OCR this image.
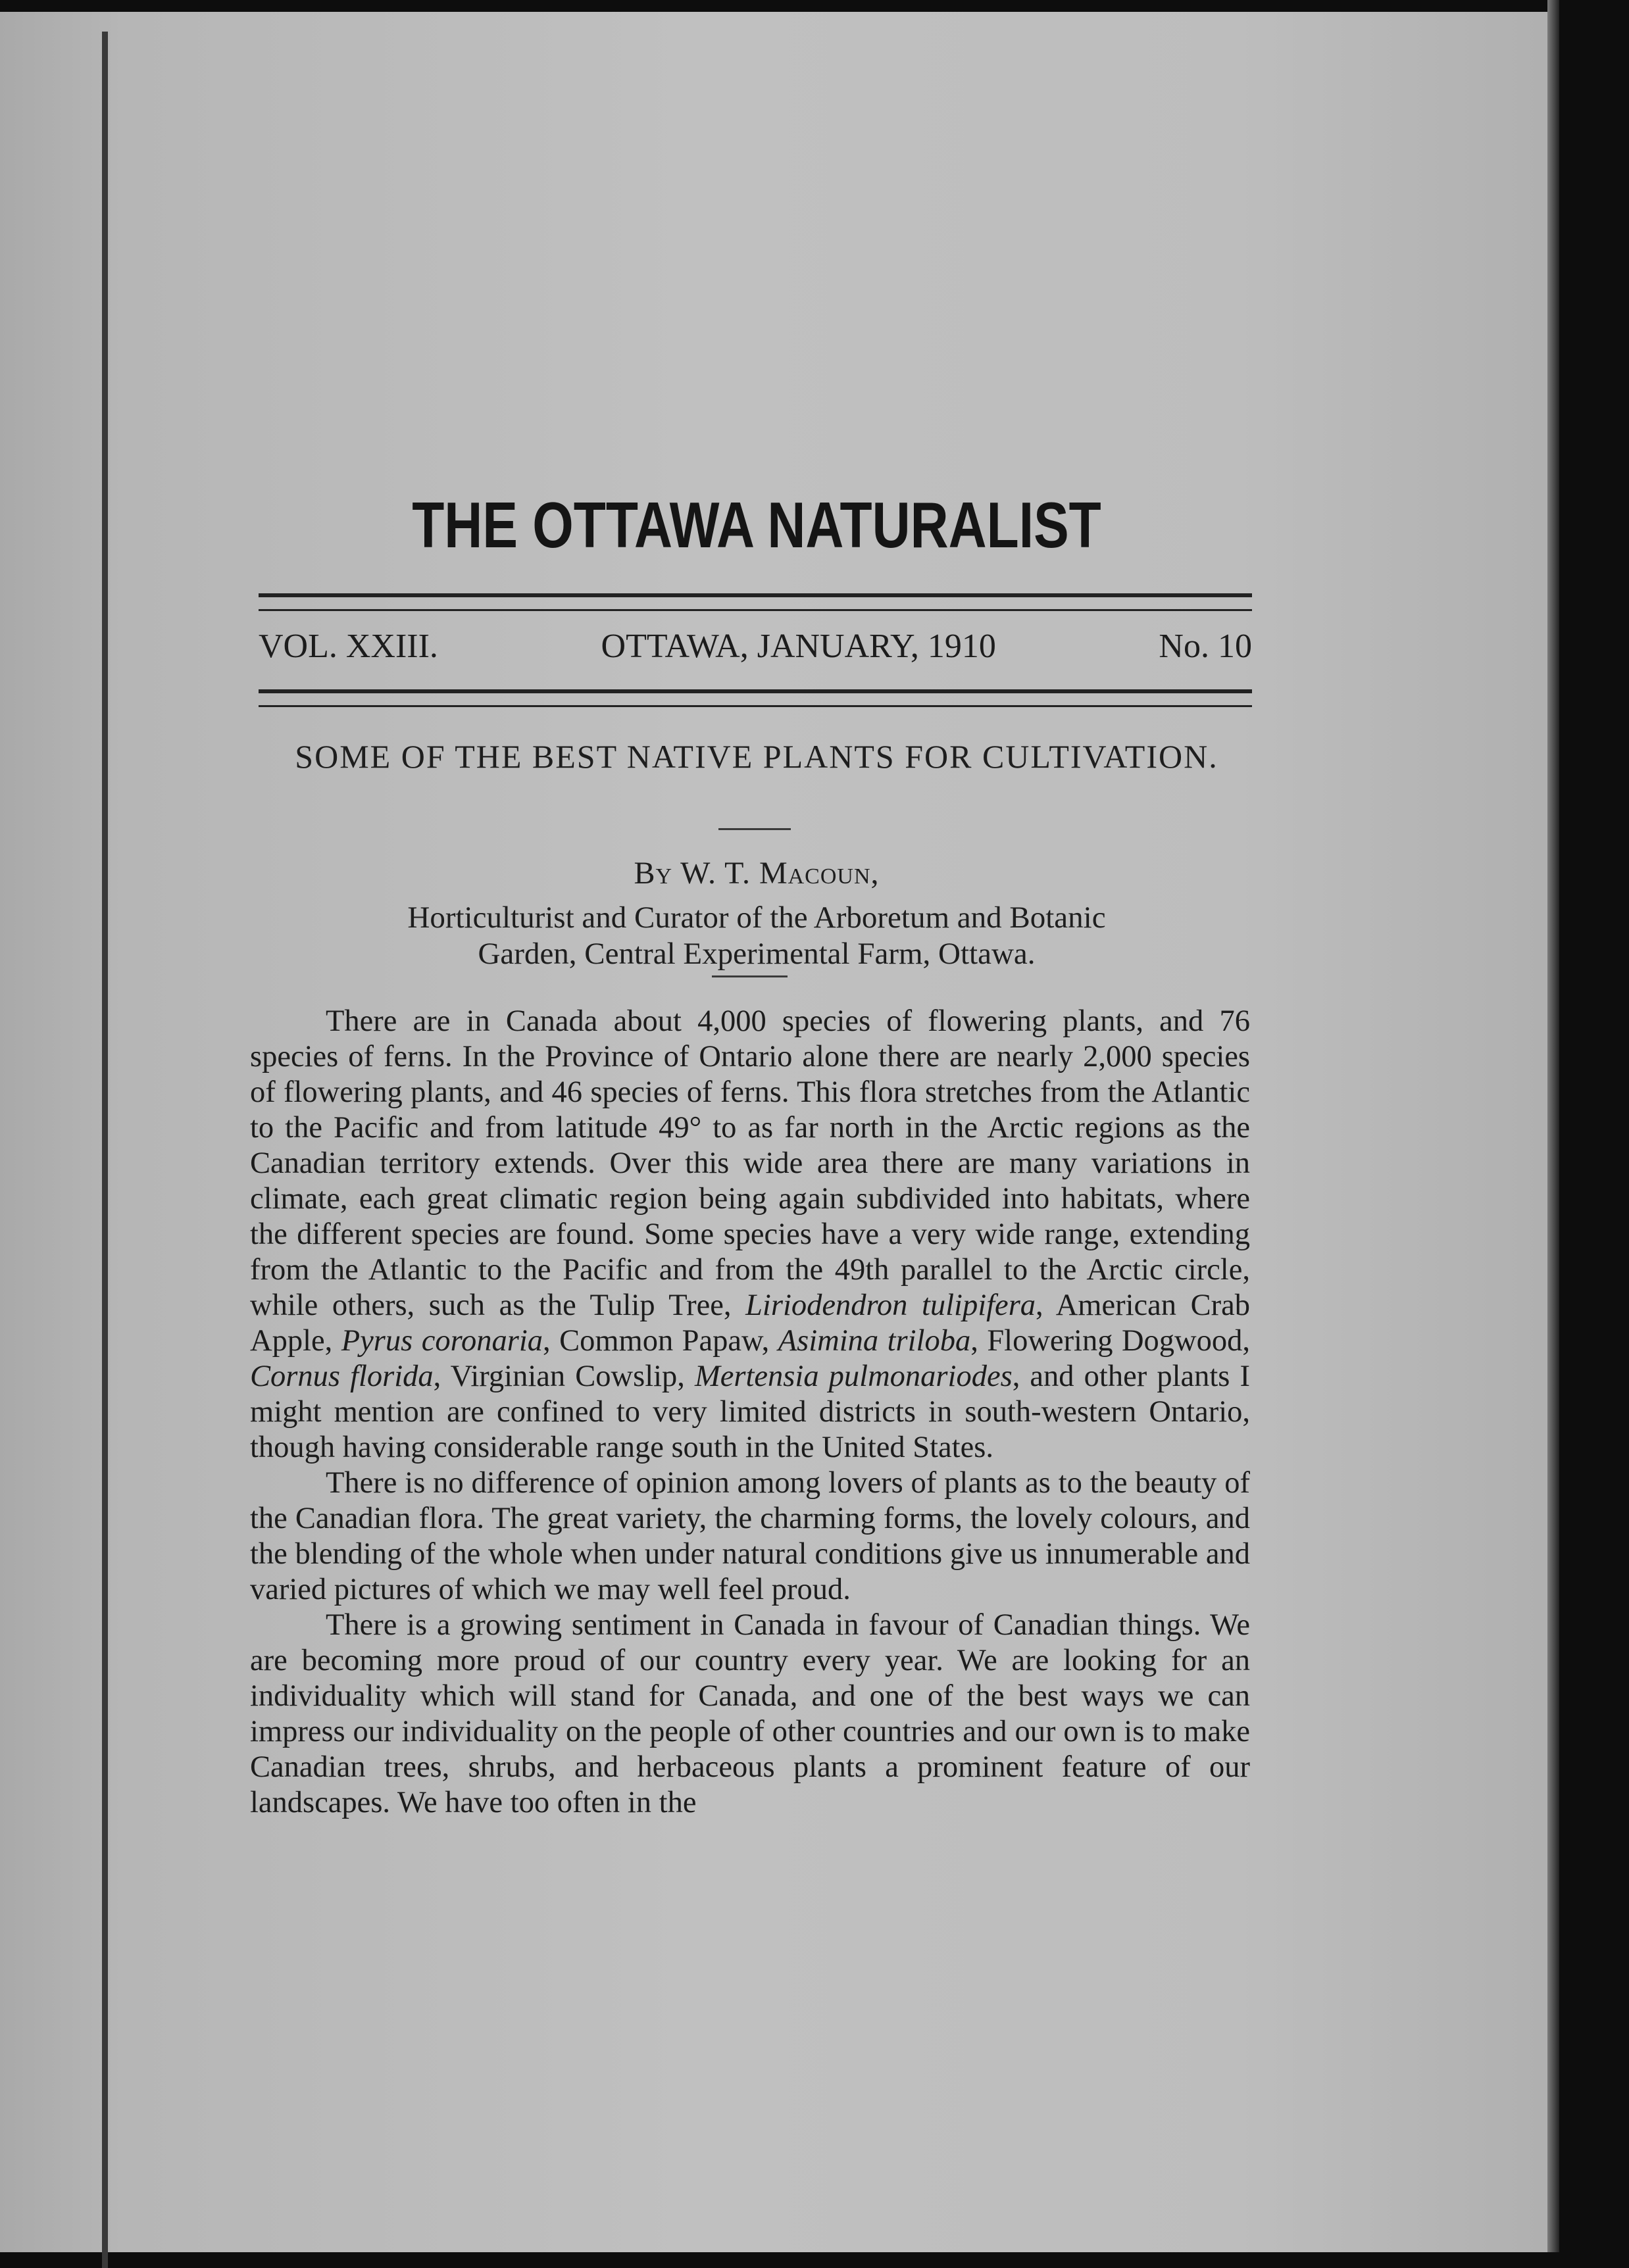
THE OTTAWA NATURALIST
VOL. XXIII.	OTTAWA, JANUARY, 1910	No. 10
SOME OF THE BEST NATIVE PLANTS FOR CULTIVATION.
By W. T. Macoun,
Horticulturist and Curator of the Arboretum and Botanic
Garden, Central Experimental Farm, Ottawa.

There are in Canada about 4,000 species of flowering plants, and 76 species of ferns. In the Province of Ontario alone there are nearly 2,000 species of flowering plants, and 46 species of ferns. This flora stretches from the Atlantic to the Pacific and from latitude 49° to as far north in the Arctic regions as the Canadian territory extends. Over this wide area there are many variations in climate, each great climatic region being again subdivided into habitats, where the different species are found. Some species have a very wide range, extending from the Atlantic to the Pacific and from the 49th parallel to the Arctic circle, while others, such as the Tulip Tree, Liriodendron tulipifera, American Crab Apple, Pyrus coronaria, Common Papaw, Asimina triloba, Flowering Dogwood, Cornus florida, Virginian Cowslip, Mertensia pulmonariodes, and other plants I might mention are confined to very limited districts in south-western Ontario, though having considerable range south in the United States.

There is no difference of opinion among lovers of plants as to the beauty of the Canadian flora. The great variety, the charming forms, the lovely colours, and the blending of the whole when under natural conditions give us innumerable and varied pictures of which we may well feel proud.

There is a growing sentiment in Canada in favour of Canadian things. We are becoming more proud of our country every year. We are looking for an individuality which will stand for Canada, and one of the best ways we can impress our individuality on the people of other countries and our own is to make Canadian trees, shrubs, and herbaceous plants a prominent feature of our landscapes. We have too often in the
